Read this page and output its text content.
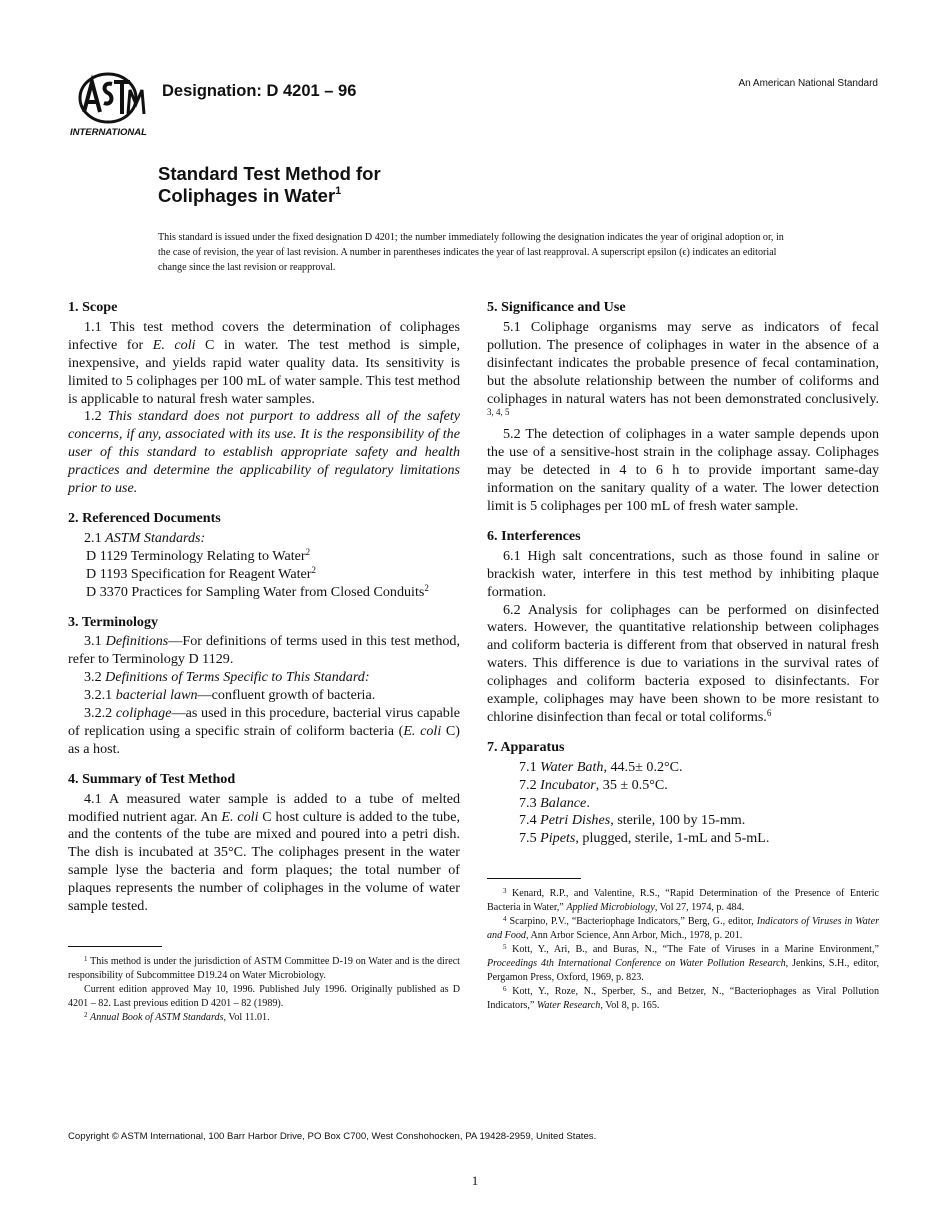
INTERNATIONAL
Designation: D 4201 – 96	An American National Standard
Standard Test Method for
Coliphages in Water$^1$
This standard is issued under the fixed designation D 4201; the number immediately following the designation indicates the year of original adoption or, in the case of revision, the year of last revision. A number in parentheses indicates the year of last reapproval. A superscript epsilon (ϵ) indicates an editorial change since the last revision or reapproval.
1. Scope

1.1 This test method covers the determination of coliphages infective for E. coli C in water. The test method is simple, inexpensive, and yields rapid water quality data. Its sensitivity is limited to 5 coliphages per 100 mL of water sample. This test method is applicable to natural fresh water samples.

1.2 This standard does not purport to address all of the safety concerns, if any, associated with its use. It is the responsibility of the user of this standard to establish appropriate safety and health practices and determine the applicability of regulatory limitations prior to use.

2. Referenced Documents

2.1 ASTM Standards:

D 1129 Terminology Relating to Water$^2$

D 1193 Specification for Reagent Water$^2$

D 3370 Practices for Sampling Water from Closed Conduits$^2$

3. Terminology

3.1 Definitions—For definitions of terms used in this test method, refer to Terminology D 1129.

3.2 Definitions of Terms Specific to This Standard:

3.2.1 bacterial lawn—confluent growth of bacteria.

3.2.2 coliphage—as used in this procedure, bacterial virus capable of replication using a specific strain of coliform bacteria (E. coli C) as a host.

4. Summary of Test Method

4.1 A measured water sample is added to a tube of melted modified nutrient agar. An E. coli C host culture is added to the tube, and the contents of the tube are mixed and poured into a petri dish. The dish is incubated at 35°C. The coliphages present in the water sample lyse the bacteria and form plaques; the total number of plaques represents the number of coliphages in the volume of water sample tested.

$^1$ This method is under the jurisdiction of ASTM Committee D-19 on Water and is the direct responsibility of Subcommittee D19.24 on Water Microbiology.

Current edition approved May 10, 1996. Published July 1996. Originally published as D 4201 – 82. Last previous edition D 4201 – 82 (1989).

$^2$ Annual Book of ASTM Standards, Vol 11.01.

5. Significance and Use

5.1 Coliphage organisms may serve as indicators of fecal pollution. The presence of coliphages in water in the absence of a disinfectant indicates the probable presence of fecal contamination, but the absolute relationship between the number of coliforms and coliphages in natural waters has not been demonstrated conclusively. $^{3, 4, 5}$

5.2 The detection of coliphages in a water sample depends upon the use of a sensitive-host strain in the coliphage assay. Coliphages may be detected in 4 to 6 h to provide important same-day information on the sanitary quality of a water. The lower detection limit is 5 coliphages per 100 mL of fresh water sample.

6. Interferences

6.1 High salt concentrations, such as those found in saline or brackish water, interfere in this test method by inhibiting plaque formation.

6.2 Analysis for coliphages can be performed on disinfected waters. However, the quantitative relationship between coliphages and coliform bacteria is different from that observed in natural fresh waters. This difference is due to variations in the survival rates of coliphages and coliform bacteria exposed to disinfectants. For example, coliphages may have been shown to be more resistant to chlorine disinfection than fecal or total coliforms.$^6$

7. Apparatus

7.1 Water Bath, 44.5± 0.2°C.

7.2 Incubator, 35 ± 0.5°C.

7.3 Balance.

7.4 Petri Dishes, sterile, 100 by 15-mm.

7.5 Pipets, plugged, sterile, 1-mL and 5-mL.

$^3$ Kenard, R.P., and Valentine, R.S., “Rapid Determination of the Presence of Enteric Bacteria in Water,” Applied Microbiology, Vol 27, 1974, p. 484.

$^4$ Scarpino, P.V., “Bacteriophage Indicators,” Berg, G., editor, Indicators of Viruses in Water and Food, Ann Arbor Science, Ann Arbor, Mich., 1978, p. 201.

$^5$ Kott, Y., Ari, B., and Buras, N., “The Fate of Viruses in a Marine Environment,” Proceedings 4th International Conference on Water Pollution Research, Jenkins, S.H., editor, Pergamon Press, Oxford, 1969, p. 823.

$^6$ Kott, Y., Roze, N., Sperber, S., and Betzer, N., “Bacteriophages as Viral Pollution Indicators,” Water Research, Vol 8, p. 165.

Copyright © ASTM International, 100 Barr Harbor Drive, PO Box C700, West Conshohocken, PA 19428-2959, United States.
1
